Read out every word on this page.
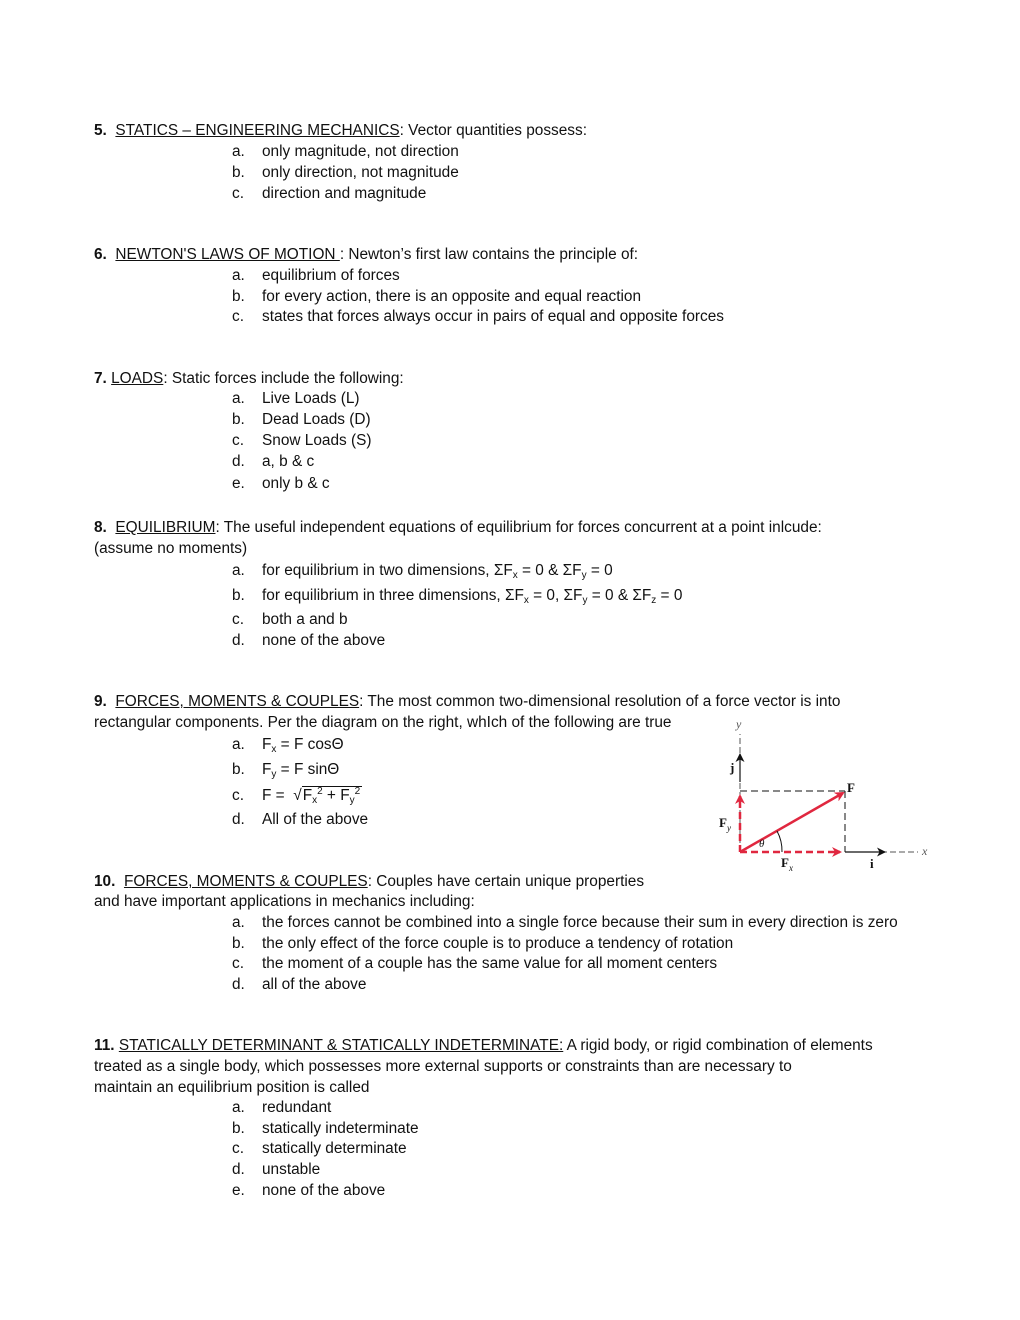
5. STATICS – ENGINEERING MECHANICS: Vector quantities possess:
a.	only magnitude, not direction
b.	only direction, not magnitude
c.	direction and magnitude
6. NEWTON'S LAWS OF MOTION : Newton’s first law contains the principle of:
a.	equilibrium of forces
b.	for every action, there is an opposite and equal reaction
c.	states that forces always occur in pairs of equal and opposite forces
7. LOADS: Static forces include the following:
a.	Live Loads (L)
b.	Dead Loads (D)
c.	Snow Loads (S)
d.	a, b & c
e.	only b & c
8. EQUILIBRIUM: The useful independent equations of equilibrium for forces concurrent at a point inlcude:
(assume no moments)
a.	for equilibrium in two dimensions, $\Sigma F_x = 0$ & $\Sigma F_y = 0$
b.	for equilibrium in three dimensions, $\Sigma F_x = 0$, $\Sigma F_y = 0$ & $\Sigma F_z = 0$
c.	both a and b
d.	none of the above
9. FORCES, MOMENTS & COUPLES: The most common two-dimensional resolution of a force vector is into
rectangular components. Per the diagram on the right, whIch of the following are true
a.	$F_x = F$ cosΘ
b.	$F_y = F$ sinΘ
c.	$F = √F_x^2 + F_y^2$
d.	All of the above
y
x
j
i
$F_y$
$F_x$
F
θ
10. FORCES, MOMENTS & COUPLES: Couples have certain unique properties
and have important applications in mechanics including:
a.	the forces cannot be combined into a single force because their sum in every direction is zero
b.	the only effect of the force couple is to produce a tendency of rotation
c.	the moment of a couple has the same value for all moment centers
d.	all of the above
11. STATICALLY DETERMINANT & STATICALLY INDETERMINATE: A rigid body, or rigid combination of elements
treated as a single body, which possesses more external supports or constraints than are necessary to
maintain an equilibrium position is called
a.	redundant
b.	statically indeterminate
c.	statically determinate
d.	unstable
e.	none of the above
